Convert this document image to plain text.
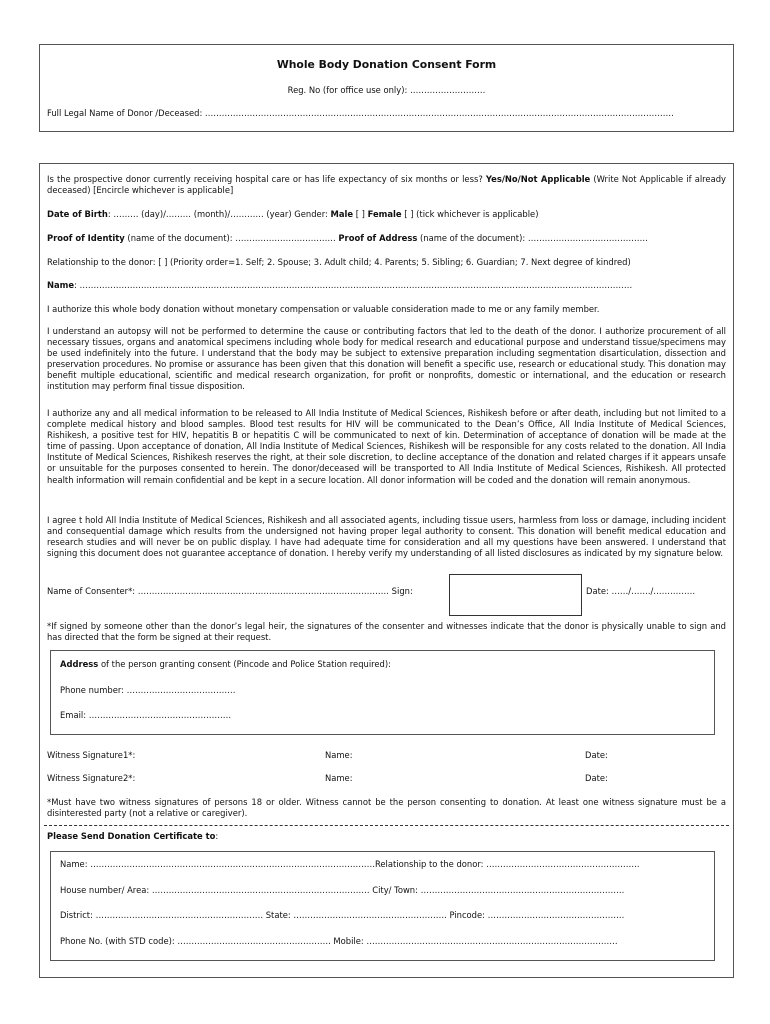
Whole Body Donation Consent Form
Reg. No (for office use only): ………………………
Full Legal Name of Donor /Deceased: ……………………………………………………………………………………………………………………………………………………
Is the prospective donor currently receiving hospital care or has life expectancy of six months or less? Yes/No/Not Applicable (Write Not Applicable if already deceased) [Encircle whichever is applicable]
Date of Birth: ……… (day)/……… (month)/………… (year) Gender: Male [ ] Female [ ] (tick whichever is applicable)
Proof of Identity (name of the document): ……………………………… Proof of Address (name of the document): …………………………………….
Relationship to the donor: [ ] (Priority order=1. Self; 2. Spouse; 3. Adult child; 4. Parents; 5. Sibling; 6. Guardian; 7. Next degree of kindred)
Name: ………………………………………………………………………………………………………………………………………………………………………………
I authorize this whole body donation without monetary compensation or valuable consideration made to me or any family member.
I understand an autopsy will not be performed to determine the cause or contributing factors that led to the death of the donor. I authorize procurement of all necessary tissues, organs and anatomical specimens including whole body for medical research and educational purpose and understand tissue/specimens may be used indefinitely into the future. I understand that the body may be subject to extensive preparation including segmentation disarticulation, dissection and preservation procedures. No promise or assurance has been given that this donation will benefit a specific use, research or educational study. This donation may benefit multiple educational, scientific and medical research organization, for profit or nonprofits, domestic or international, and the education or research institution may perform final tissue disposition.
I authorize any and all medical information to be released to All India Institute of Medical Sciences, Rishikesh before or after death, including but not limited to a complete medical history and blood samples. Blood test results for HIV will be communicated to the Dean’s Office, All India Institute of Medical Sciences, Rishikesh, a positive test for HIV, hepatitis B or hepatitis C will be communicated to next of kin. Determination of acceptance of donation will be made at the time of passing. Upon acceptance of donation, All India Institute of Medical Sciences, Rishikesh will be responsible for any costs related to the donation. All India Institute of Medical Sciences, Rishikesh reserves the right, at their sole discretion, to decline acceptance of the donation and related charges if it appears unsafe or unsuitable for the purposes consented to herein. The donor/deceased will be transported to All India Institute of Medical Sciences, Rishikesh. All protected health information will remain confidential and be kept in a secure location. All donor information will be coded and the donation will remain anonymous.
I agree t hold All India Institute of Medical Sciences, Rishikesh and all associated agents, including tissue users, harmless from loss or damage, including incident and consequential damage which results from the undersigned not having proper legal authority to consent. This donation will benefit medical education and research studies and will never be on public display. I have had adequate time for consideration and all my questions have been answered. I understand that signing this document does not guarantee acceptance of donation. I hereby verify my understanding of all listed disclosures as indicated by my signature below.
Name of Consenter*: ……………………………………………………………………………… Sign:	Date: ……/……./……………
*If signed by someone other than the donor’s legal heir, the signatures of the consenter and witnesses indicate that the donor is physically unable to sign and has directed that the form be signed at their request.
Address of the person granting consent (Pincode and Police Station required):
Phone number: …………………………………
Email: ……………………………………………
Witness Signature1*:	Name:	Date:
Witness Signature2*:	Name:	Date:
*Must have two witness signatures of persons 18 or older. Witness cannot be the person consenting to donation. At least one witness signature must be a disinterested party (not a relative or caregiver).
Please Send Donation Certificate to:
Name: …………………………………………………………………………………………Relationship to the donor: ……………………………………………….
House number/ Area: …………………………………………………………………… City/ Town: ……………………………………………………………….
District: …………………………………………………… State: ………………………………………………. Pincode: ………………………………………….
Phone No. (with STD code): ………………………………………………. Mobile: ………………………………………………………………………………
